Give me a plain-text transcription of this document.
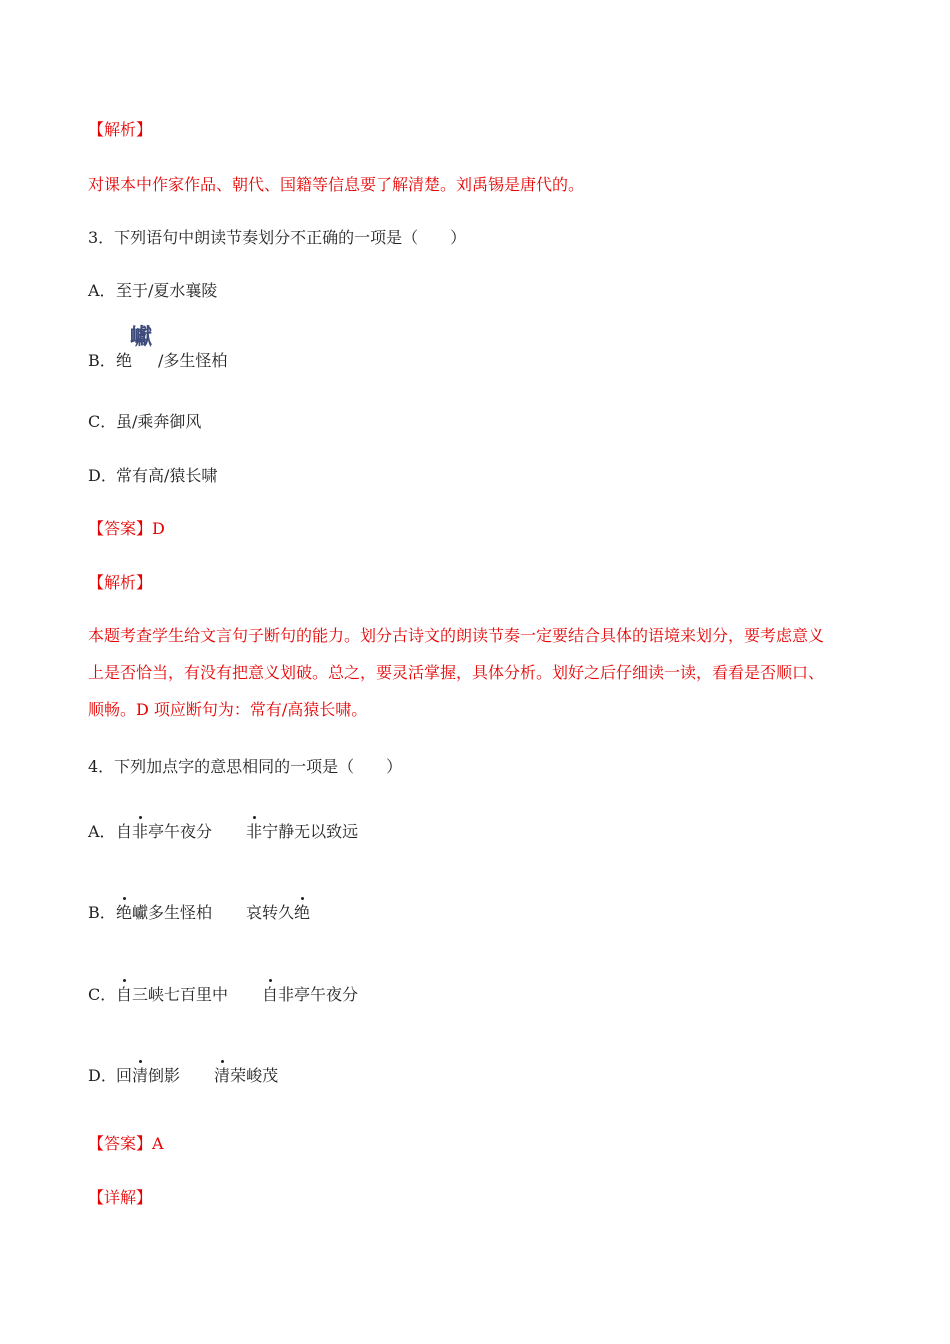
【解析】
对课本中作家作品、朝代、国籍等信息要了解清楚。刘禹锡是唐代的。
3．下列语句中朗读节奏划分不正确的一项是（　　）
A．至于/夏水襄陵
B．绝
巘
/多生怪柏
C．虽/乘奔御风
D．常有高/猿长啸
【答案】D
【解析】
本题考查学生给文言句子断句的能力。划分古诗文的朗读节奏一定要结合具体的语境来划分，要考虑意义
上是否恰当，有没有把意义划破。总之，要灵活掌握，具体分析。划好之后仔细读一读，看看是否顺口、
顺畅。D 项应断句为：常有/高猿长啸。
4．下列加点字的意思相同的一项是（　　）
A．自非亭午夜分 非宁静无以致远
B．绝巘多生怪柏 哀转久绝
C．自三峡七百里中 自非亭午夜分
D．回清倒影 清荣峻茂
【答案】A
【详解】
